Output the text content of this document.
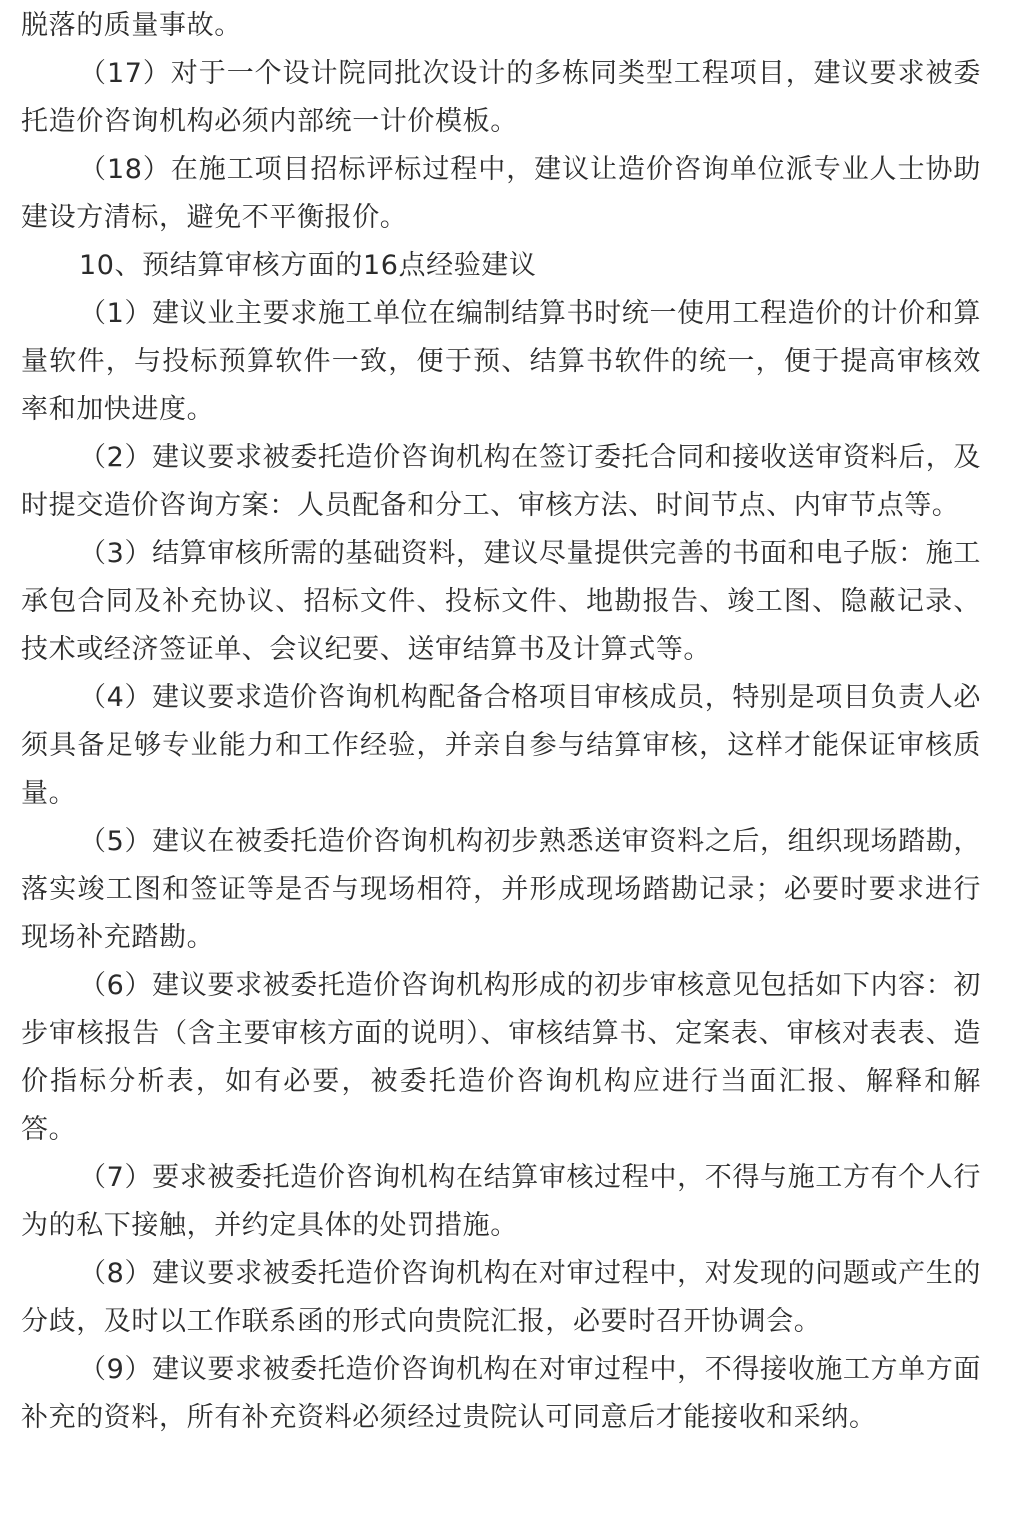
脱落的质量事故。

（17）对于一个设计院同批次设计的多栋同类型工程项目，建议要求被委托造价咨询机构必须内部统一计价模板。

（18）在施工项目招标评标过程中，建议让造价咨询单位派专业人士协助建设方清标，避免不平衡报价。

10、预结算审核方面的16点经验建议

（1）建议业主要求施工单位在编制结算书时统一使用工程造价的计价和算量软件，与投标预算软件一致，便于预、结算书软件的统一，便于提高审核效率和加快进度。

（2）建议要求被委托造价咨询机构在签订委托合同和接收送审资料后，及时提交造价咨询方案：人员配备和分工、审核方法、时间节点、内审节点等。

（3）结算审核所需的基础资料，建议尽量提供完善的书面和电子版：施工承包合同及补充协议、招标文件、投标文件、地勘报告、竣工图、隐蔽记录、技术或经济签证单、会议纪要、送审结算书及计算式等。

（4）建议要求造价咨询机构配备合格项目审核成员，特别是项目负责人必须具备足够专业能力和工作经验，并亲自参与结算审核，这样才能保证审核质量。

（5）建议在被委托造价咨询机构初步熟悉送审资料之后，组织现场踏勘，落实竣工图和签证等是否与现场相符，并形成现场踏勘记录；必要时要求进行现场补充踏勘。

（6）建议要求被委托造价咨询机构形成的初步审核意见包括如下内容：初步审核报告（含主要审核方面的说明）、审核结算书、定案表、审核对表表、造价指标分析表，如有必要，被委托造价咨询机构应进行当面汇报、解释和解答。

（7）要求被委托造价咨询机构在结算审核过程中，不得与施工方有个人行为的私下接触，并约定具体的处罚措施。

（8）建议要求被委托造价咨询机构在对审过程中，对发现的问题或产生的分歧，及时以工作联系函的形式向贵院汇报，必要时召开协调会。

（9）建议要求被委托造价咨询机构在对审过程中，不得接收施工方单方面补充的资料，所有补充资料必须经过贵院认可同意后才能接收和采纳。
